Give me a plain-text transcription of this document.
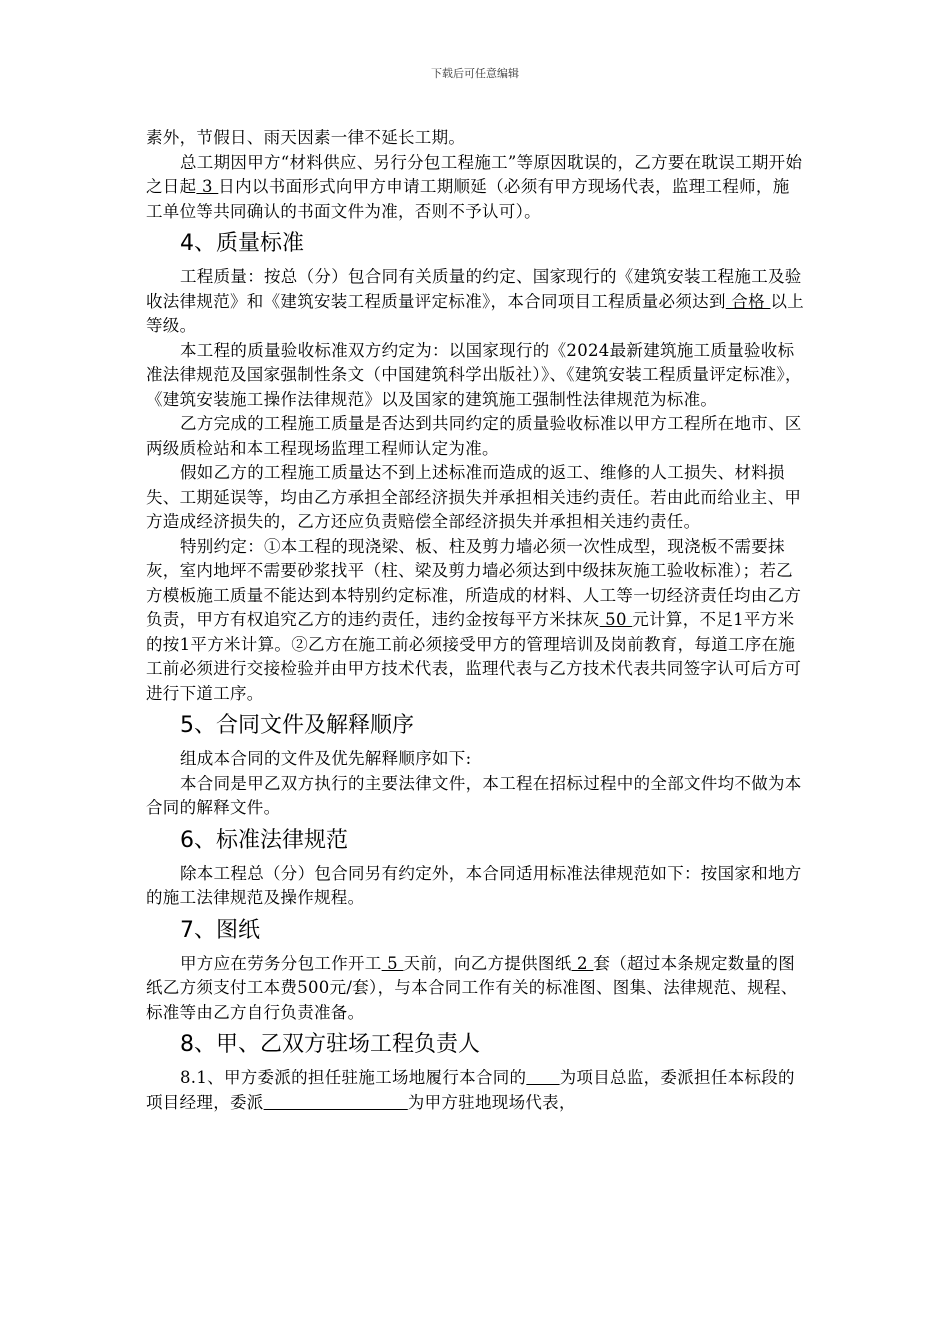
下载后可任意编辑

素外，节假日、雨天因素一律不延长工期。

总工期因甲方“材料供应、另行分包工程施工”等原因耽误的，乙方要在耽误工期开始之日起 3 日内以书面形式向甲方申请工期顺延（必须有甲方现场代表，监理工程师，施工单位等共同确认的书面文件为准，否则不予认可）。

4、质量标准

工程质量：按总（分）包合同有关质量的约定、国家现行的《建筑安装工程施工及验收法律规范》和《建筑安装工程质量评定标准》，本合同项目工程质量必须达到 合格 以上等级。

本工程的质量验收标准双方约定为：以国家现行的《2024最新建筑施工质量验收标准法律规范及国家强制性条文（中国建筑科学出版社）》、《建筑安装工程质量评定标准》，《建筑安装施工操作法律规范》以及国家的建筑施工强制性法律规范为标准。

乙方完成的工程施工质量是否达到共同约定的质量验收标准以甲方工程所在地市、区两级质检站和本工程现场监理工程师认定为准。

假如乙方的工程施工质量达不到上述标准而造成的返工、维修的人工损失、材料损失、工期延误等，均由乙方承担全部经济损失并承担相关违约责任。若由此而给业主、甲方造成经济损失的，乙方还应负责赔偿全部经济损失并承担相关违约责任。

特别约定：①本工程的现浇梁、板、柱及剪力墙必须一次性成型，现浇板不需要抹灰，室内地坪不需要砂浆找平（柱、梁及剪力墙必须达到中级抹灰施工验收标准）；若乙方模板施工质量不能达到本特别约定标准，所造成的材料、人工等一切经济责任均由乙方负责，甲方有权追究乙方的违约责任，违约金按每平方米抹灰 50 元计算，不足1平方米的按1平方米计算。②乙方在施工前必须接受甲方的管理培训及岗前教育，每道工序在施工前必须进行交接检验并由甲方技术代表，监理代表与乙方技术代表共同签字认可后方可进行下道工序。

5、合同文件及解释顺序

组成本合同的文件及优先解释顺序如下:

本合同是甲乙双方执行的主要法律文件，本工程在招标过程中的全部文件均不做为本合同的解释文件。

6、标准法律规范

除本工程总（分）包合同另有约定外，本合同适用标准法律规范如下：按国家和地方的施工法律规范及操作规程。

7、图纸

甲方应在劳务分包工作开工 5 天前，向乙方提供图纸 2 套（超过本条规定数量的图纸乙方须支付工本费500元/套），与本合同工作有关的标准图、图集、法律规范、规程、标准等由乙方自行负责准备。

8、甲、乙双方驻场工程负责人

8.1、甲方委派的担任驻施工场地履行本合同的 为项目总监，委派担任本标段的项目经理，委派	为甲方驻地现场代表，
